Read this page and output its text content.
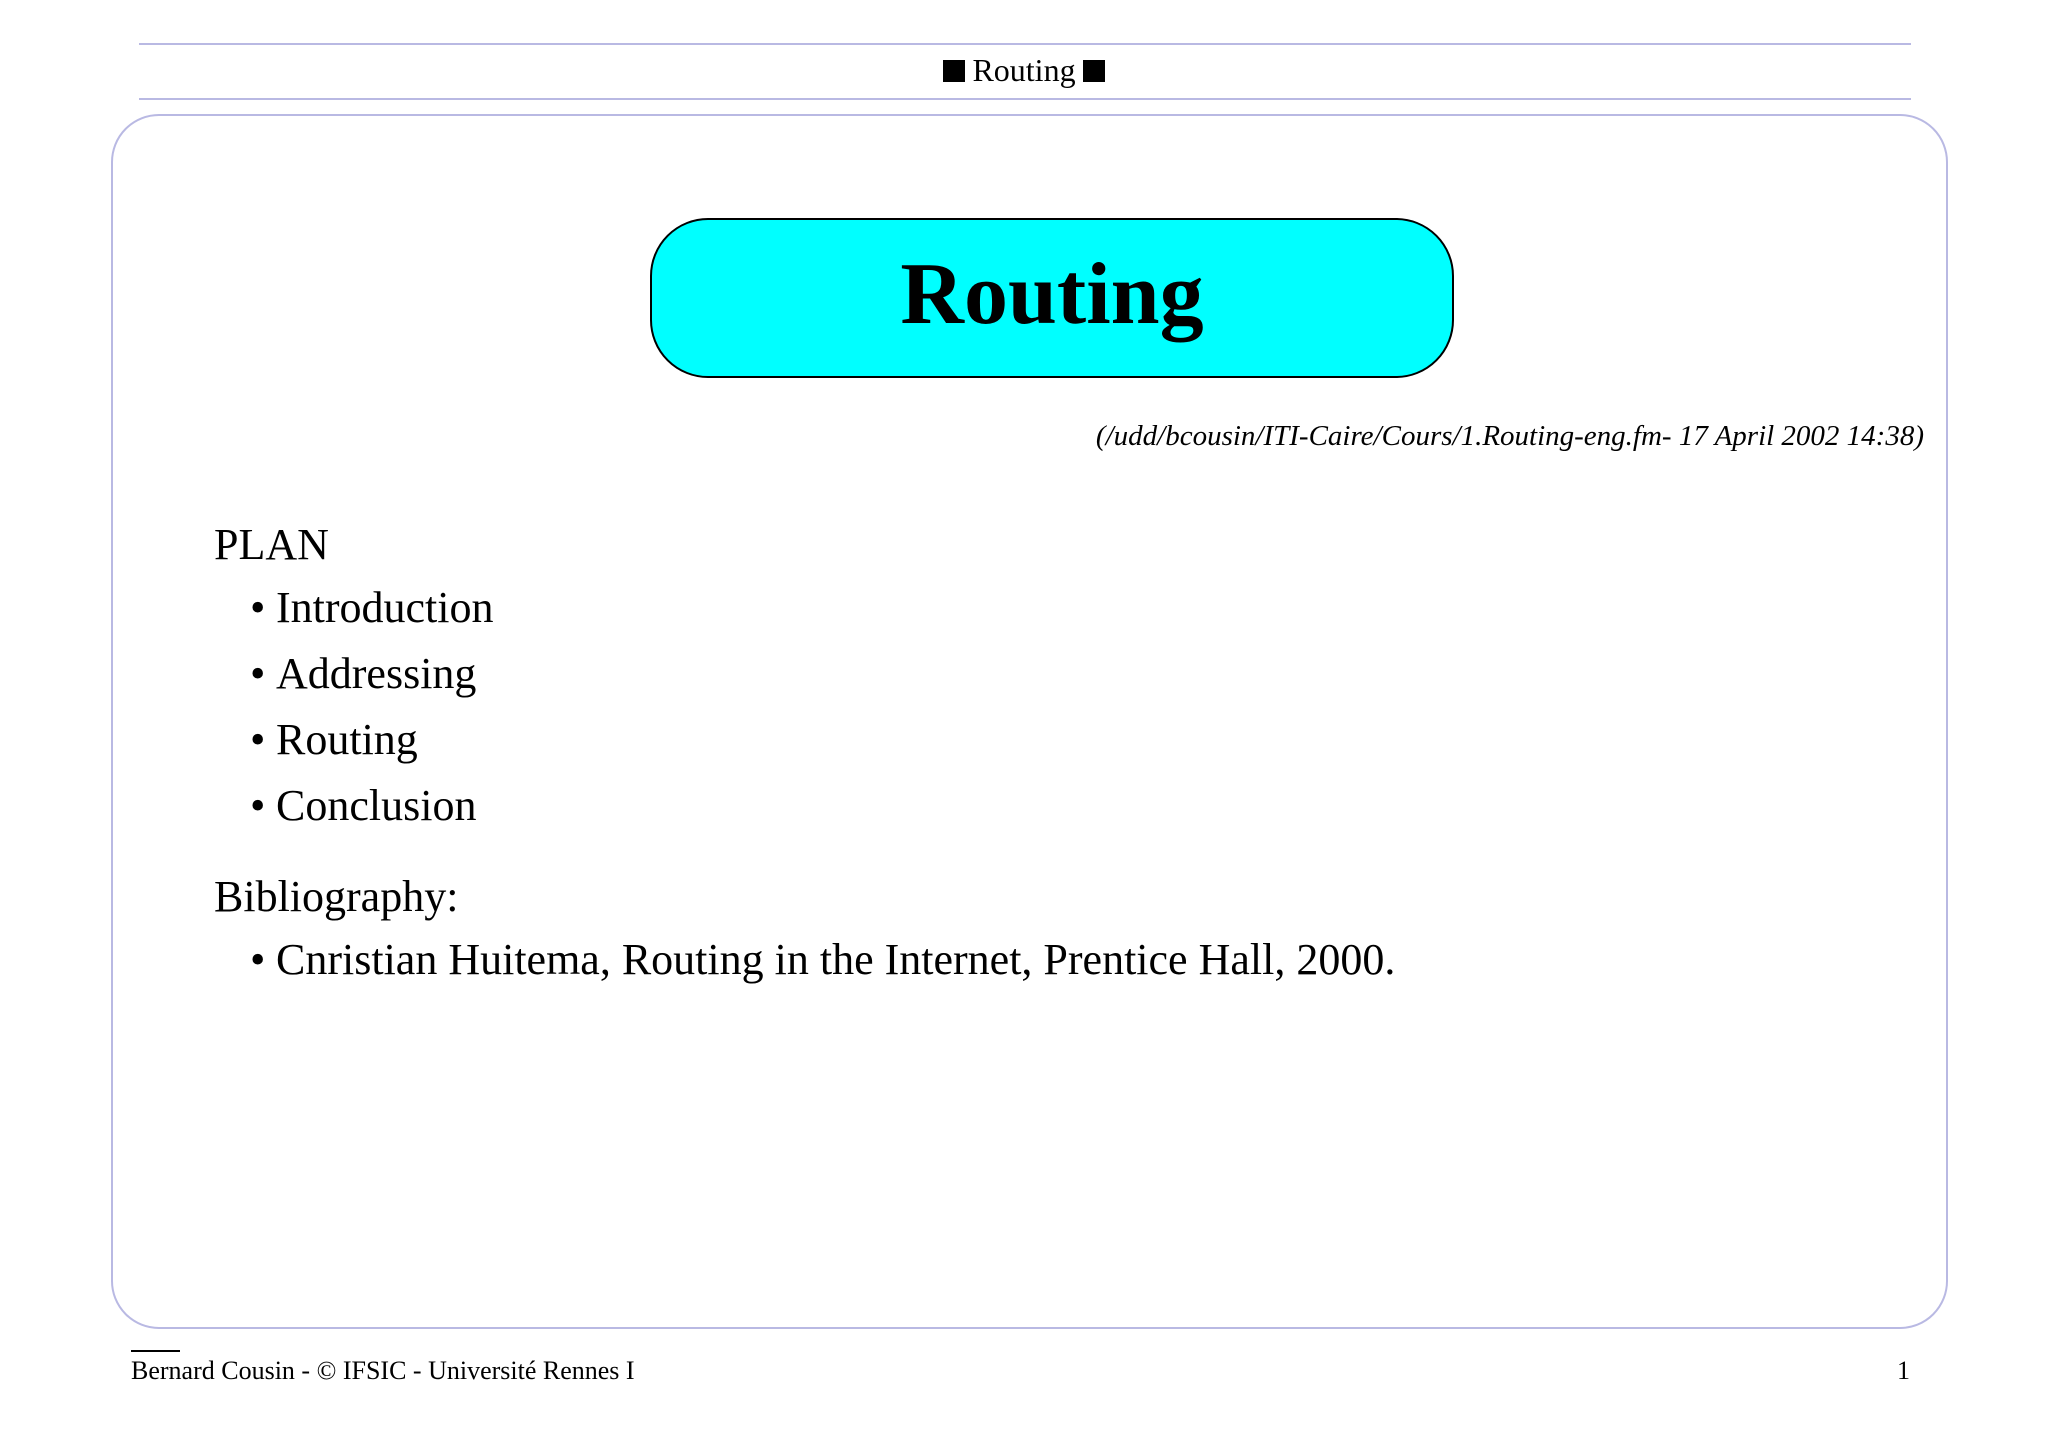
Routing
Routing
(/udd/bcousin/ITI-Caire/Cours/1.Routing-eng.fm- 17 April 2002 14:38)

PLAN

• Introduction
• Addressing
• Routing
• Conclusion

Bibliography:

• Cnristian Huitema, Routing in the Internet, Prentice Hall, 2000.
Bernard Cousin - © IFSIC - Université Rennes I	1
